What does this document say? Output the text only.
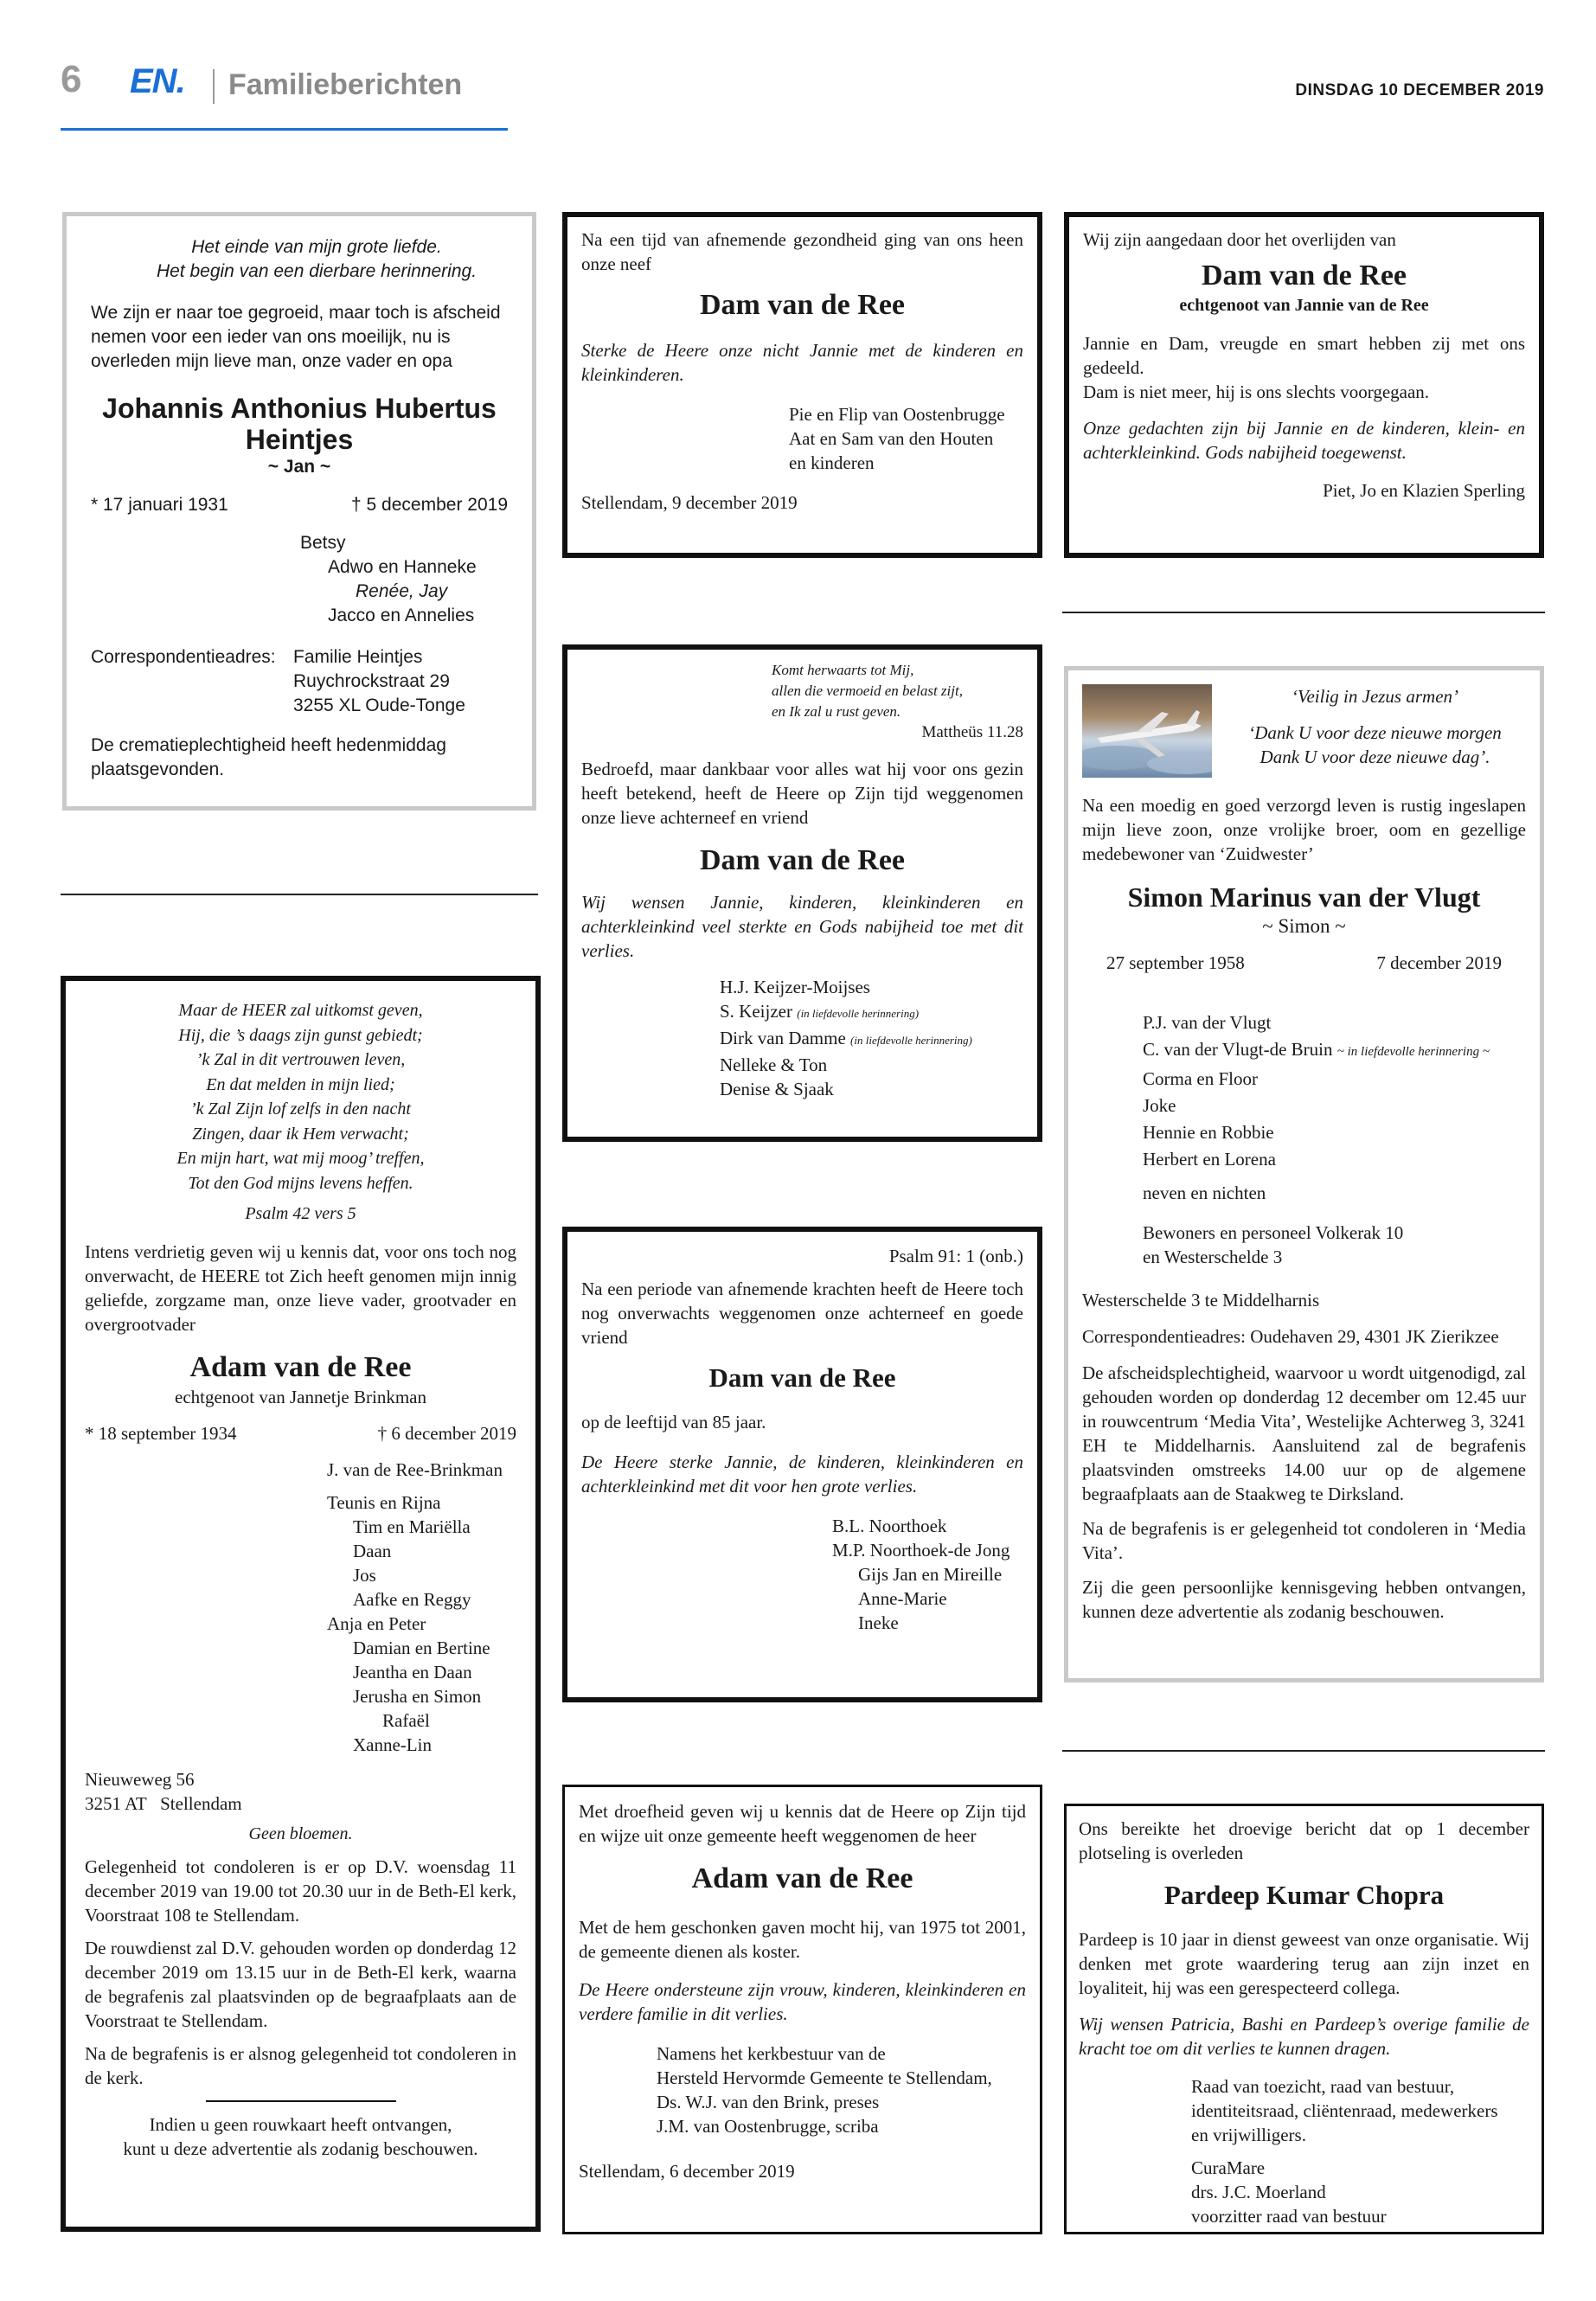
6 EN. Familieberichten	DINSDAG 10 DECEMBER 2019
Het einde van mijn grote liefde.
Het begin van een dierbare herinnering.

We zijn er naar toe gegroeid, maar toch is afscheid nemen voor een ieder van ons moeilijk, nu is overleden mijn lieve man, onze vader en opa

Johannis Anthonius Hubertus
Heintjes
~ Jan ~
* 17 januari 1931	† 5 december 2019
Betsy
Adwo en Hanneke
Renée, Jay
Jacco en Annelies
Correspondentieadres: Familie Heintjes
Ruychrockstraat 29
3255 XL Oude-Tonge

De crematieplechtigheid heeft hedenmiddag plaatsgevonden.

Maar de HEER zal uitkomst geven,
Hij, die ’s daags zijn gunst gebiedt;
’k Zal in dit vertrouwen leven,
En dat melden in mijn lied;
’k Zal Zijn lof zelfs in den nacht
Zingen, daar ik Hem verwacht;
En mijn hart, wat mij moog’ treffen,
Tot den God mijns levens heffen.
Psalm 42 vers 5

Intens verdrietig geven wij u kennis dat, voor ons toch nog onverwacht, de HEERE tot Zich heeft genomen mijn innig geliefde, zorgzame man, onze lieve vader, grootvader en overgrootvader

Adam van de Ree
echtgenoot van Jannetje Brinkman
* 18 september 1934	† 6 december 2019
J. van de Ree-Brinkman
Teunis en Rijna
Tim en Mariëlla
Daan
Jos
Aafke en Reggy
Anja en Peter
Damian en Bertine
Jeantha en Daan
Jerusha en Simon
Rafaël
Xanne-Lin
Nieuweweg 56
3251 AT   Stellendam
Geen bloemen.

Gelegenheid tot condoleren is er op D.V. woensdag 11 december 2019 van 19.00 tot 20.30 uur in de Beth-El kerk, Voorstraat 108 te Stellendam.

De rouwdienst zal D.V. gehouden worden op donderdag 12 december 2019 om 13.15 uur in de Beth-El kerk, waarna de begrafenis zal plaatsvinden op de begraafplaats aan de Voorstraat te Stellendam.

Na de begrafenis is er alsnog gelegenheid tot condoleren in de kerk.

Indien u geen rouwkaart heeft ontvangen,
kunt u deze advertentie als zodanig beschouwen.

Na een tijd van afnemende gezondheid ging van ons heen onze neef

Dam van de Ree

Sterke de Heere onze nicht Jannie met de kinderen en kleinkinderen.

Pie en Flip van Oostenbrugge
Aat en Sam van den Houten
en kinderen
Stellendam, 9 december 2019
Komt herwaarts tot Mij,
allen die vermoeid en belast zijt,
en Ik zal u rust geven.
Mattheüs 11.28

Bedroefd, maar dankbaar voor alles wat hij voor ons gezin heeft betekend, heeft de Heere op Zijn tijd weggenomen onze lieve achterneef en vriend

Dam van de Ree

Wij wensen Jannie, kinderen, kleinkinderen en achterkleinkind veel sterkte en Gods nabijheid toe met dit verlies.

H.J. Keijzer-Moijses
S. Keijzer (in liefdevolle herinnering)
Dirk van Damme (in liefdevolle herinnering)
Nelleke & Ton
Denise & Sjaak
Psalm 91: 1 (onb.)

Na een periode van afnemende krachten heeft de Heere toch nog onverwachts weggenomen onze achterneef en goede vriend

Dam van de Ree
op de leeftijd van 85 jaar.

De Heere sterke Jannie, de kinderen, kleinkinderen en achterkleinkind met dit voor hen grote verlies.

B.L. Noorthoek
M.P. Noorthoek-de Jong
Gijs Jan en Mireille
Anne-Marie
Ineke

Met droefheid geven wij u kennis dat de Heere op Zijn tijd en wijze uit onze gemeente heeft weggenomen de heer

Adam van de Ree

Met de hem geschonken gaven mocht hij, van 1975 tot 2001, de gemeente dienen als koster.

De Heere ondersteune zijn vrouw, kinderen, kleinkinderen en verdere familie in dit verlies.

Namens het kerkbestuur van de
Hersteld Hervormde Gemeente te Stellendam,
Ds. W.J. van den Brink, preses
J.M. van Oostenbrugge, scriba
Stellendam, 6 december 2019
Wij zijn aangedaan door het overlijden van
Dam van de Ree
echtgenoot van Jannie van de Ree

Jannie en Dam, vreugde en smart hebben zij met ons gedeeld.

Dam is niet meer, hij is ons slechts voorgegaan.

Onze gedachten zijn bij Jannie en de kinderen, klein- en achterkleinkind. Gods nabijheid toegewenst.

Piet, Jo en Klazien Sperling
‘Veilig in Jezus armen’
‘Dank U voor deze nieuwe morgen
Dank U voor deze nieuwe dag’.

Na een moedig en goed verzorgd leven is rustig ingeslapen mijn lieve zoon, onze vrolijke broer, oom en gezellige medebewoner van ‘Zuidwester’

Simon Marinus van der Vlugt
~ Simon ~
27 september 1958	7 december 2019
P.J. van der Vlugt
C. van der Vlugt-de Bruin ~ in liefdevolle herinnering ~
Corma en Floor
Joke
Hennie en Robbie
Herbert en Lorena
neven en nichten
Bewoners en personeel Volkerak 10
en Westerschelde 3
Westerschelde 3 te Middelharnis
Correspondentieadres: Oudehaven 29, 4301 JK Zierikzee

De afscheidsplechtigheid, waarvoor u wordt uitgenodigd, zal gehouden worden op donderdag 12 december om 12.45 uur in rouwcentrum ‘Media Vita’, Westelijke Achterweg 3, 3241 EH te Middelharnis. Aansluitend zal de begrafenis plaatsvinden omstreeks 14.00 uur op de algemene begraafplaats aan de Staakweg te Dirksland.

Na de begrafenis is er gelegenheid tot condoleren in ‘Media Vita’.

Zij die geen persoonlijke kennisgeving hebben ontvangen, kunnen deze advertentie als zodanig beschouwen.

Ons bereikte het droevige bericht dat op 1 december plotseling is overleden

Pardeep Kumar Chopra

Pardeep is 10 jaar in dienst geweest van onze organisatie. Wij denken met grote waardering terug aan zijn inzet en loyaliteit, hij was een gerespecteerd collega.

Wij wensen Patricia, Bashi en Pardeep’s overige familie de kracht toe om dit verlies te kunnen dragen.

Raad van toezicht, raad van bestuur,
identiteitsraad, cliëntenraad, medewerkers
en vrijwilligers.
CuraMare
drs. J.C. Moerland
voorzitter raad van bestuur
